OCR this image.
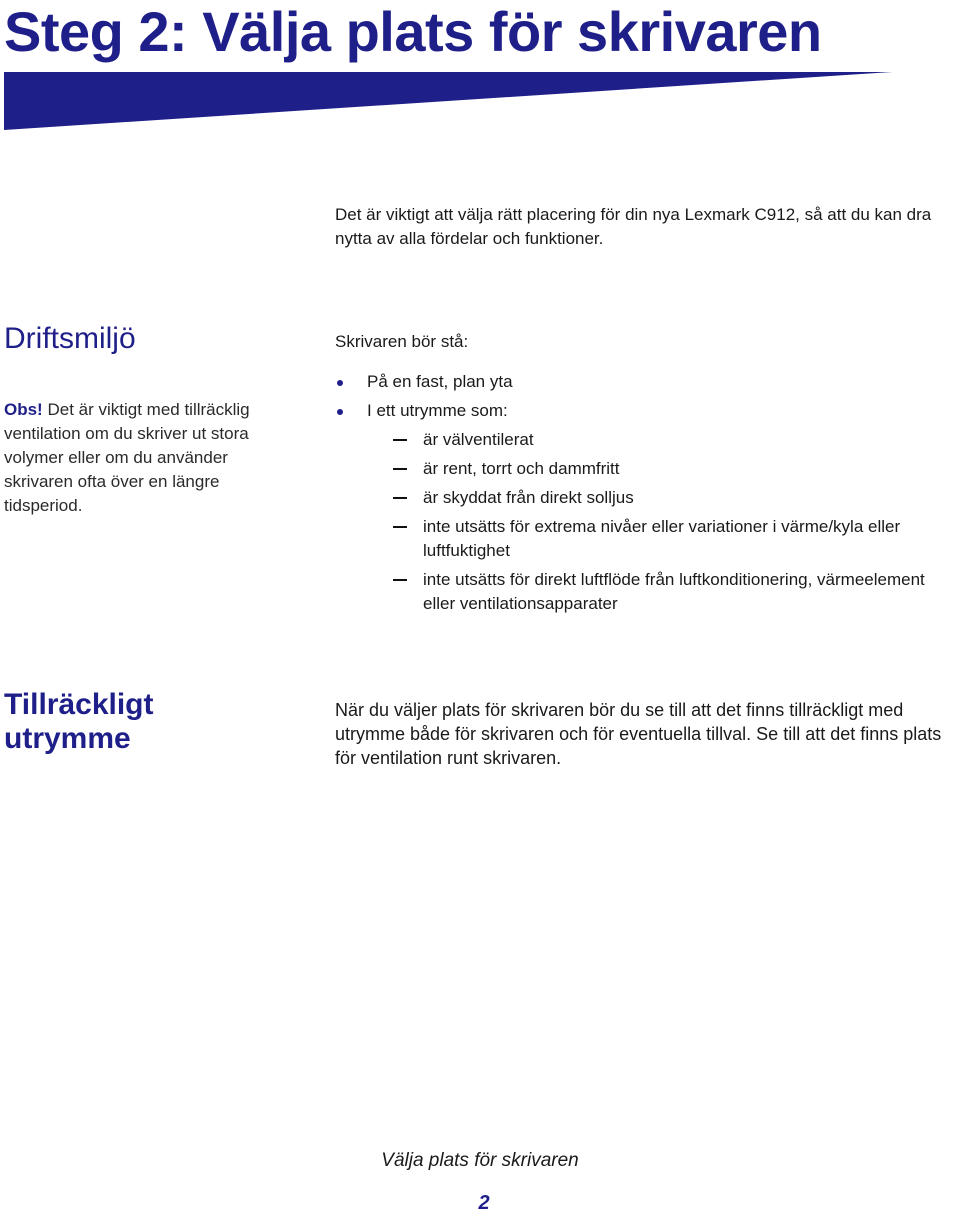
Steg 2: Välja plats för skrivaren

Det är viktigt att välja rätt placering för din nya Lexmark C912, så att du kan dra nytta av alla fördelar och funktioner.

Driftsmiljö

Obs! Det är viktigt med tillräcklig ventilation om du skriver ut stora volymer eller om du använder skrivaren ofta över en längre tidsperiod.

Skrivaren bör stå:

På en fast, plan yta
I ett utrymme som:
är välventilerat
är rent, torrt och dammfritt
är skyddat från direkt solljus
inte utsätts för extrema nivåer eller variationer i värme/kyla eller luftfuktighet
inte utsätts för direkt luftflöde från luftkonditionering, värmeelement eller ventilationsapparater
Tillräckligt utrymme

När du väljer plats för skrivaren bör du se till att det finns tillräckligt med utrymme både för skrivaren och för eventuella tillval. Se till att det finns plats för ventilation runt skrivaren.

Välja plats för skrivaren
2
